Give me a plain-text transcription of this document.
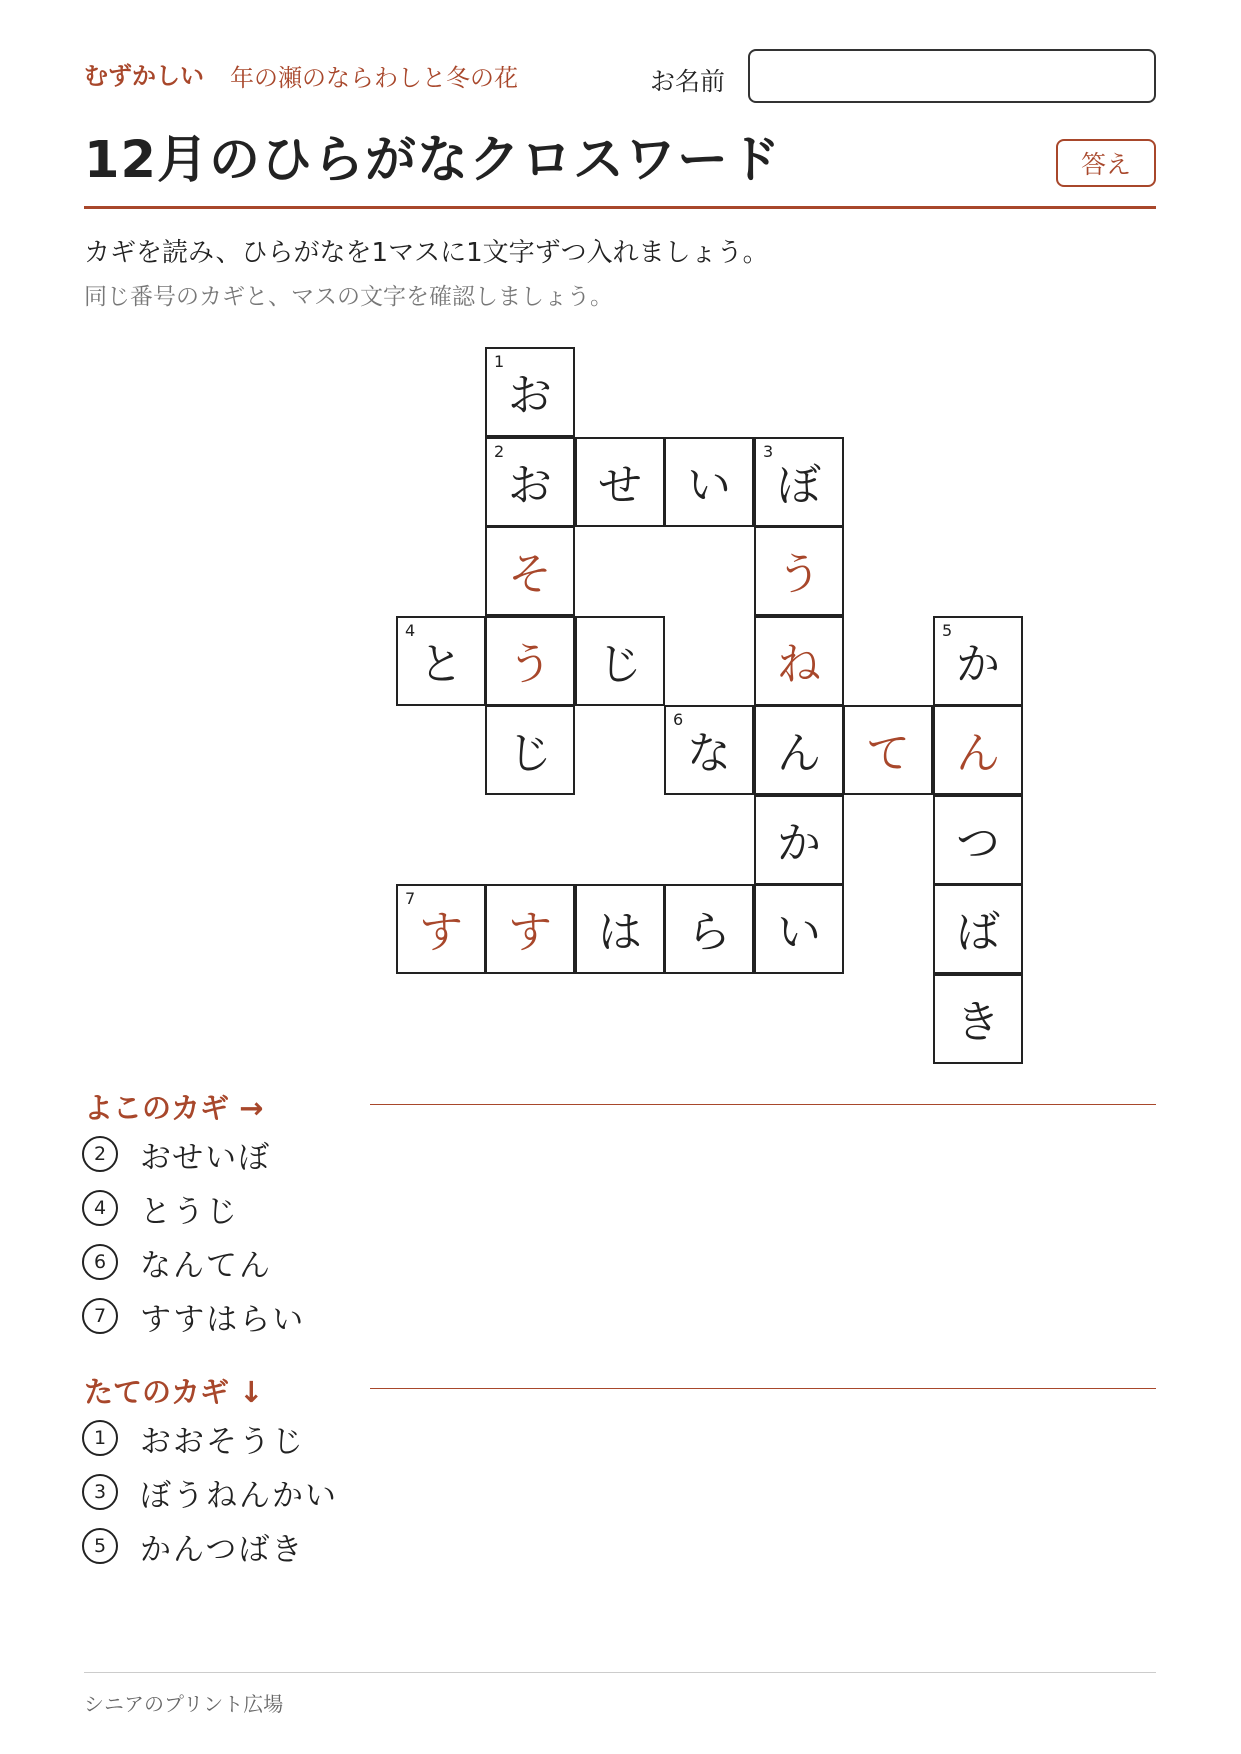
むずかしい 年の瀬のならわしと冬の花	お名前
12月のひらがなクロスワード	答え
カギを読み、ひらがなを1マスに1文字ずつ入れましょう。
同じ番号のカギと、マスの文字を確認しましょう。
1
お
2
お	せ	い
3
ぼ
そ	う
4
と	う	じ	ね
5
か
じ
6
な	ん	て	ん
か	つ
7
す	す	は	ら	い	ば
き
よこのカギ →
2	おせいぼ
4	とうじ
6	なんてん
7	すすはらい
たてのカギ ↓
1	おおそうじ
3	ぼうねんかい
5	かんつばき
シニアのプリント広場
